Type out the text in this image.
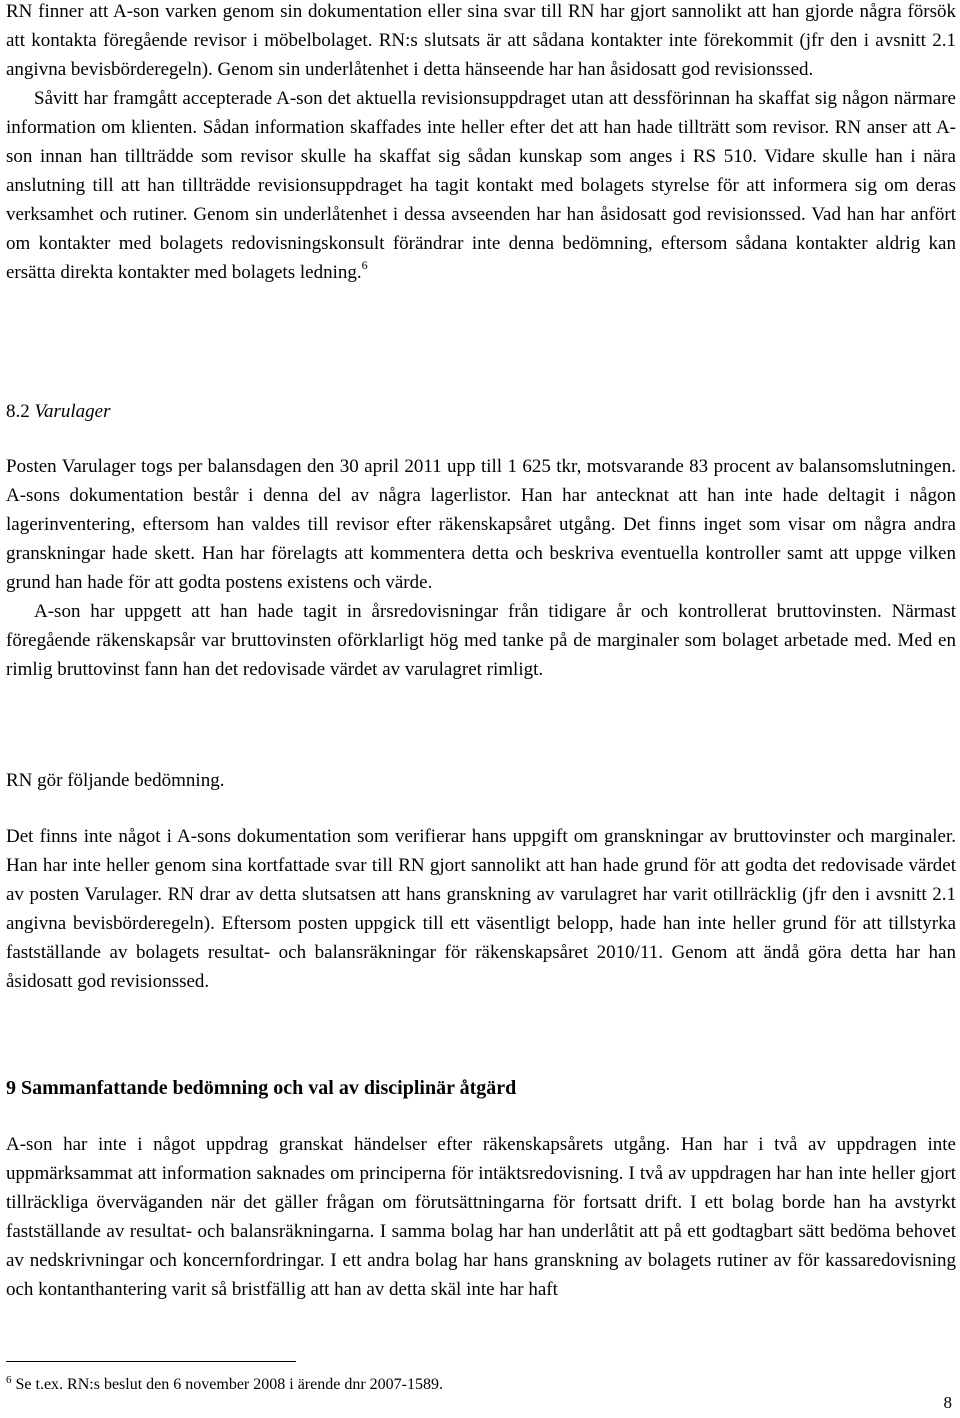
RN finner att A-son varken genom sin dokumentation eller sina svar till RN har gjort sannolikt att han gjorde några försök att kontakta föregående revisor i möbelbolaget. RN:s slutsats är att sådana kontakter inte förekommit (jfr den i avsnitt 2.1 angivna bevisbörderegeln). Genom sin underlåtenhet i detta hänseende har han åsidosatt god revisionssed.

Såvitt har framgått accepterade A-son det aktuella revisionsuppdraget utan att dessförinnan ha skaffat sig någon närmare information om klienten. Sådan information skaffades inte heller efter det att han hade tillträtt som revisor. RN anser att A-son innan han tillträdde som revisor skulle ha skaffat sig sådan kunskap som anges i RS 510. Vidare skulle han i nära anslutning till att han tillträdde revisionsuppdraget ha tagit kontakt med bolagets styrelse för att informera sig om deras verksamhet och rutiner. Genom sin underlåtenhet i dessa avseenden har han åsidosatt god revisionssed. Vad han har anfört om kontakter med bolagets redovisningskonsult förändrar inte denna bedömning, eftersom sådana kontakter aldrig kan ersätta direkta kontakter med bolagets ledning.$^6$

8.2 Varulager

Posten Varulager togs per balansdagen den 30 april 2011 upp till 1 625 tkr, motsvarande 83 procent av balansomslutningen. A-sons dokumentation består i denna del av några lagerlistor. Han har antecknat att han inte hade deltagit i någon lagerinventering, eftersom han valdes till revisor efter räkenskapsåret utgång. Det finns inget som visar om några andra granskningar hade skett. Han har förelagts att kommentera detta och beskriva eventuella kontroller samt att uppge vilken grund han hade för att godta postens existens och värde.

A-son har uppgett att han hade tagit in årsredovisningar från tidigare år och kontrollerat bruttovinsten. Närmast föregående räkenskapsår var bruttovinsten oförklarligt hög med tanke på de marginaler som bolaget arbetade med. Med en rimlig bruttovinst fann han det redovisade värdet av varulagret rimligt.

RN gör följande bedömning.

Det finns inte något i A-sons dokumentation som verifierar hans uppgift om granskningar av bruttovinster och marginaler. Han har inte heller genom sina kortfattade svar till RN gjort sannolikt att han hade grund för att godta det redovisade värdet av posten Varulager. RN drar av detta slutsatsen att hans granskning av varulagret har varit otillräcklig (jfr den i avsnitt 2.1 angivna bevisbörderegeln). Eftersom posten uppgick till ett väsentligt belopp, hade han inte heller grund för att tillstyrka fastställande av bolagets resultat- och balansräkningar för räkenskapsåret 2010/11. Genom att ändå göra detta har han åsidosatt god revisionssed.

9 Sammanfattande bedömning och val av disciplinär åtgärd

A-son har inte i något uppdrag granskat händelser efter räkenskapsårets utgång. Han har i två av uppdragen inte uppmärksammat att information saknades om principerna för intäktsredovisning. I två av uppdragen har han inte heller gjort tillräckliga överväganden när det gäller frågan om förutsättningarna för fortsatt drift. I ett bolag borde han ha avstyrkt fastställande av resultat- och balansräkningarna. I samma bolag har han underlåtit att på ett godtagbart sätt bedöma behovet av nedskrivningar och koncernfordringar. I ett andra bolag har hans granskning av bolagets rutiner av för kassaredovisning och kontanthantering varit så bristfällig att han av detta skäl inte har haft

$^6$ Se t.ex. RN:s beslut den 6 november 2008 i ärende dnr 2007-1589.
8
